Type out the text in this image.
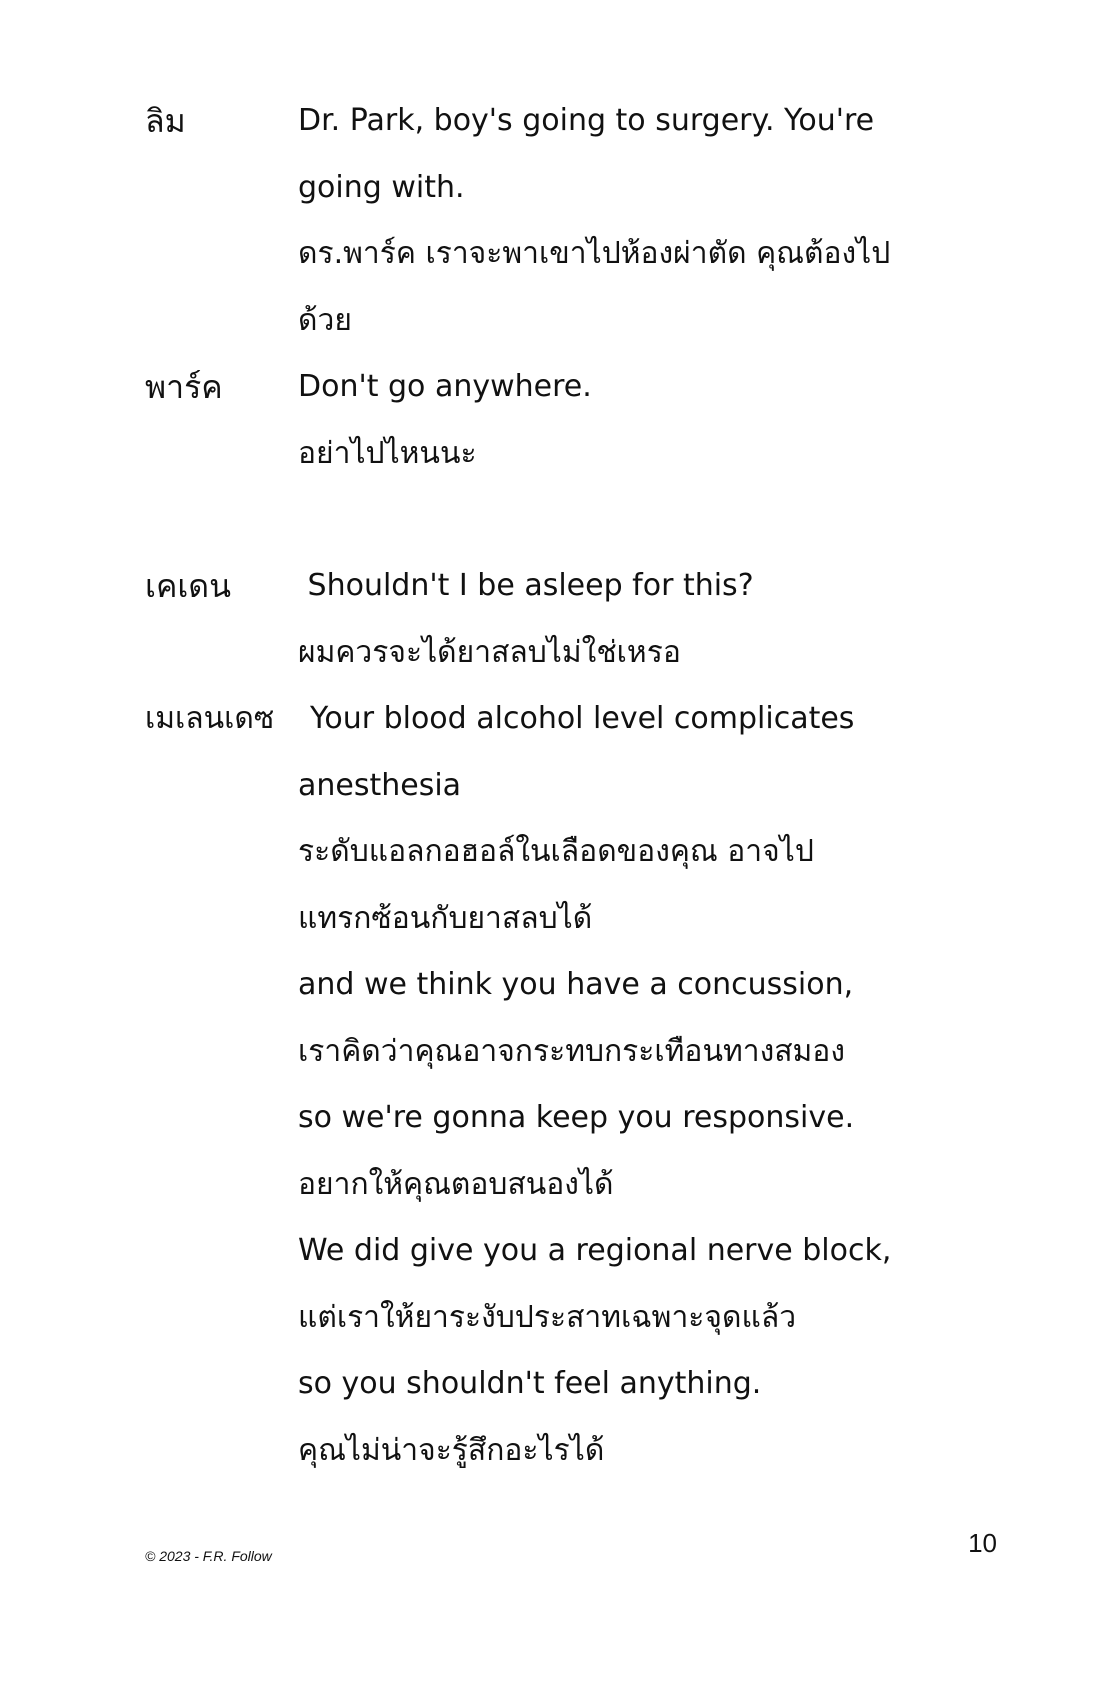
ลิม	Dr. Park, boy's going to surgery. You're
going with.
ดร.พาร์ค เราจะพาเขาไปห้องผ่าตัด คุณต้องไป
ด้วย
พาร์ค	Don't go anywhere.
อย่าไปไหนนะ
เคเดน Shouldn't I be asleep for this?
ผมควรจะได้ยาสลบไม่ใช่เหรอ
เมเลนเดซ Your blood alcohol level complicates
anesthesia
ระดับแอลกอฮอล์ในเลือดของคุณ อาจไป
แทรกซ้อนกับยาสลบได้
and we think you have a concussion,
เราคิดว่าคุณอาจกระทบกระเทือนทางสมอง
so we're gonna keep you responsive.
อยากให้คุณตอบสนองได้
We did give you a regional nerve block,
แต่เราให้ยาระงับประสาทเฉพาะจุดแล้ว
so you shouldn't feel anything.
คุณไม่น่าจะรู้สึกอะไรได้
© 2023 - F.R. Follow	10
